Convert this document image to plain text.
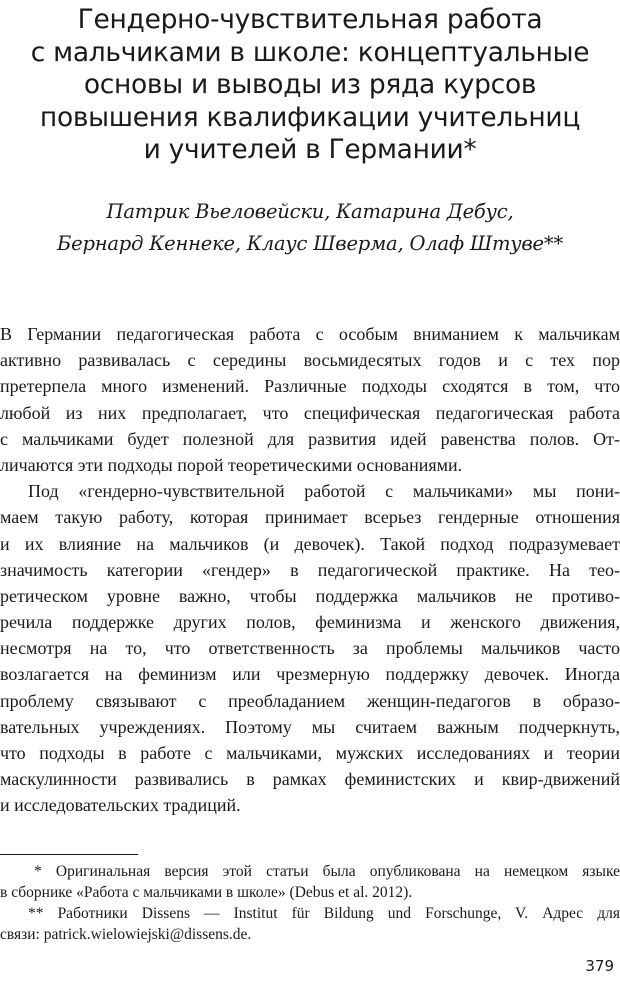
Гендерно-чувствительная работа
с мальчиками в школе: концептуальные
основы и выводы из ряда курсов
повышения квалификации учительниц
и учителей в Германии*
Патрик Вьеловейски, Катарина Дебус,
Бернард Кеннеке, Клаус Шверма, Олаф Штуве**
В Германии педагогическая работа с особым вниманием к мальчикам
активно развивалась с середины восьмидесятых годов и с тех пор
претерпела много изменений. Различные подходы сходятся в том, что
любой из них предполагает, что специфическая педагогическая работа
с мальчиками будет полезной для развития идей равенства полов. От-
личаются эти подходы порой теоретическими основаниями.
Под «гендерно-чувствительной работой с мальчиками» мы пони-
маем такую работу, которая принимает всерьез гендерные отношения
и их влияние на мальчиков (и девочек). Такой подход подразумевает
значимость категории «гендер» в педагогической практике. На тео-
ретическом уровне важно, чтобы поддержка мальчиков не противо-
речила поддержке других полов, феминизма и женского движения,
несмотря на то, что ответственность за проблемы мальчиков часто
возлагается на феминизм или чрезмерную поддержку девочек. Иногда
проблему связывают с преобладанием женщин-педагогов в образо-
вательных учреждениях. Поэтому мы считаем важным подчеркнуть,
что подходы в работе с мальчиками, мужских исследованиях и теории
маскулинности развивались в рамках феминистских и квир-движений
и исследовательских традиций.
* Оригинальная версия этой статьи была опубликована на немецком языке
в сборнике «Работа с мальчиками в школе» (Debus et al. 2012).
** Работники Dissens — Institut für Bildung und Forschunge, V. Адрес для
связи: patrick.wielowiejski@dissens.de.
379
